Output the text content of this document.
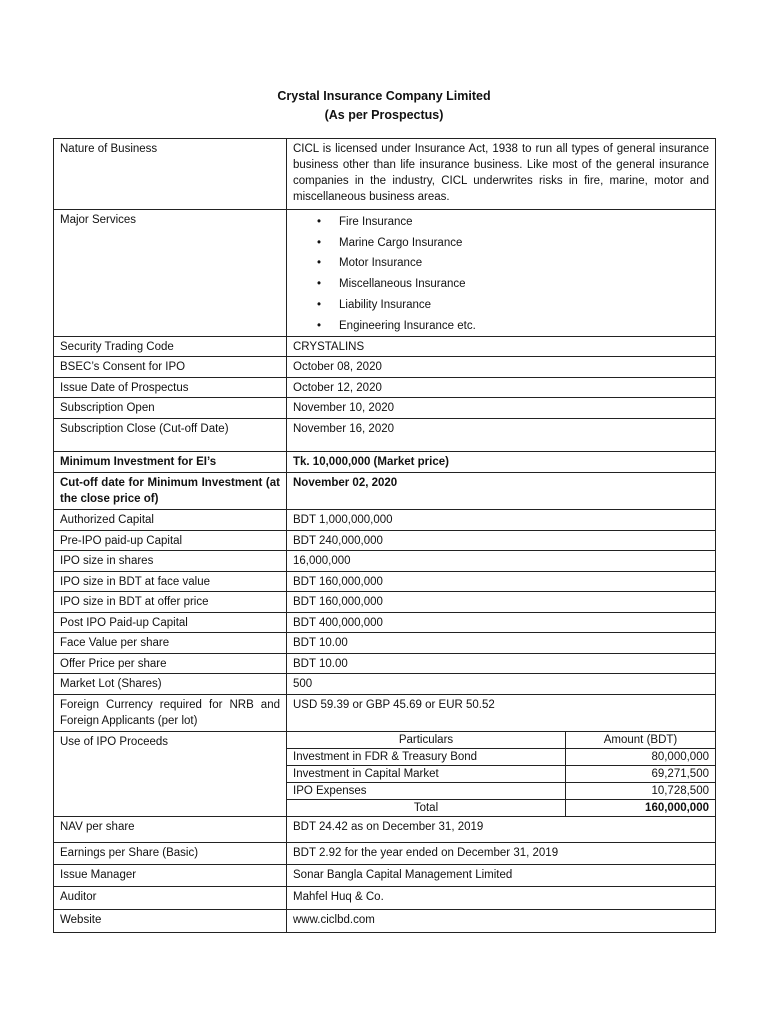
Crystal Insurance Company Limited
(As per Prospectus)
Nature of Business	CICL is licensed under Insurance Act, 1938 to run all types of general insurance business other than life insurance business. Like most of the general insurance companies in the industry, CICL underwrites risks in fire, marine, motor and miscellaneous business areas.
Major Services	
•Fire Insurance
• Marine Cargo Insurance
• Motor Insurance
• Miscellaneous Insurance
• Liability Insurance
• Engineering Insurance etc.

Security Trading Code	CRYSTALINS
BSEC’s Consent for IPO	October 08, 2020
Issue Date of Prospectus	October 12, 2020
Subscription Open	November 10, 2020
Subscription Close (Cut-off Date)	November 16, 2020
Minimum Investment for EI’s	Tk. 10,000,000 (Market price)
Cut-off date for Minimum Investment (at the close price of)	November 02, 2020
Authorized Capital	BDT 1,000,000,000
Pre-IPO paid-up Capital	BDT 240,000,000
IPO size in shares	16,000,000
IPO size in BDT at face value	BDT 160,000,000
IPO size in BDT at offer price	BDT 160,000,000
Post IPO Paid-up Capital	BDT 400,000,000
Face Value per share	BDT 10.00
Offer Price per share	BDT 10.00
Market Lot (Shares)	500
Foreign Currency required for NRB and Foreign Applicants (per lot)	USD 59.39 or GBP 45.69 or EUR 50.52
Use of IPO Proceeds		Particulars	Amount (BDT)
Investment in FDR & Treasury Bond	80,000,000
Investment in Capital Market	69,271,500
IPO Expenses	10,728,500
Total	160,000,000

NAV per share	BDT 24.42 as on December 31, 2019
Earnings per Share (Basic)	BDT 2.92 for the year ended on December 31, 2019
Issue Manager	Sonar Bangla Capital Management Limited
Auditor	Mahfel Huq & Co.
Website	www.ciclbd.com
